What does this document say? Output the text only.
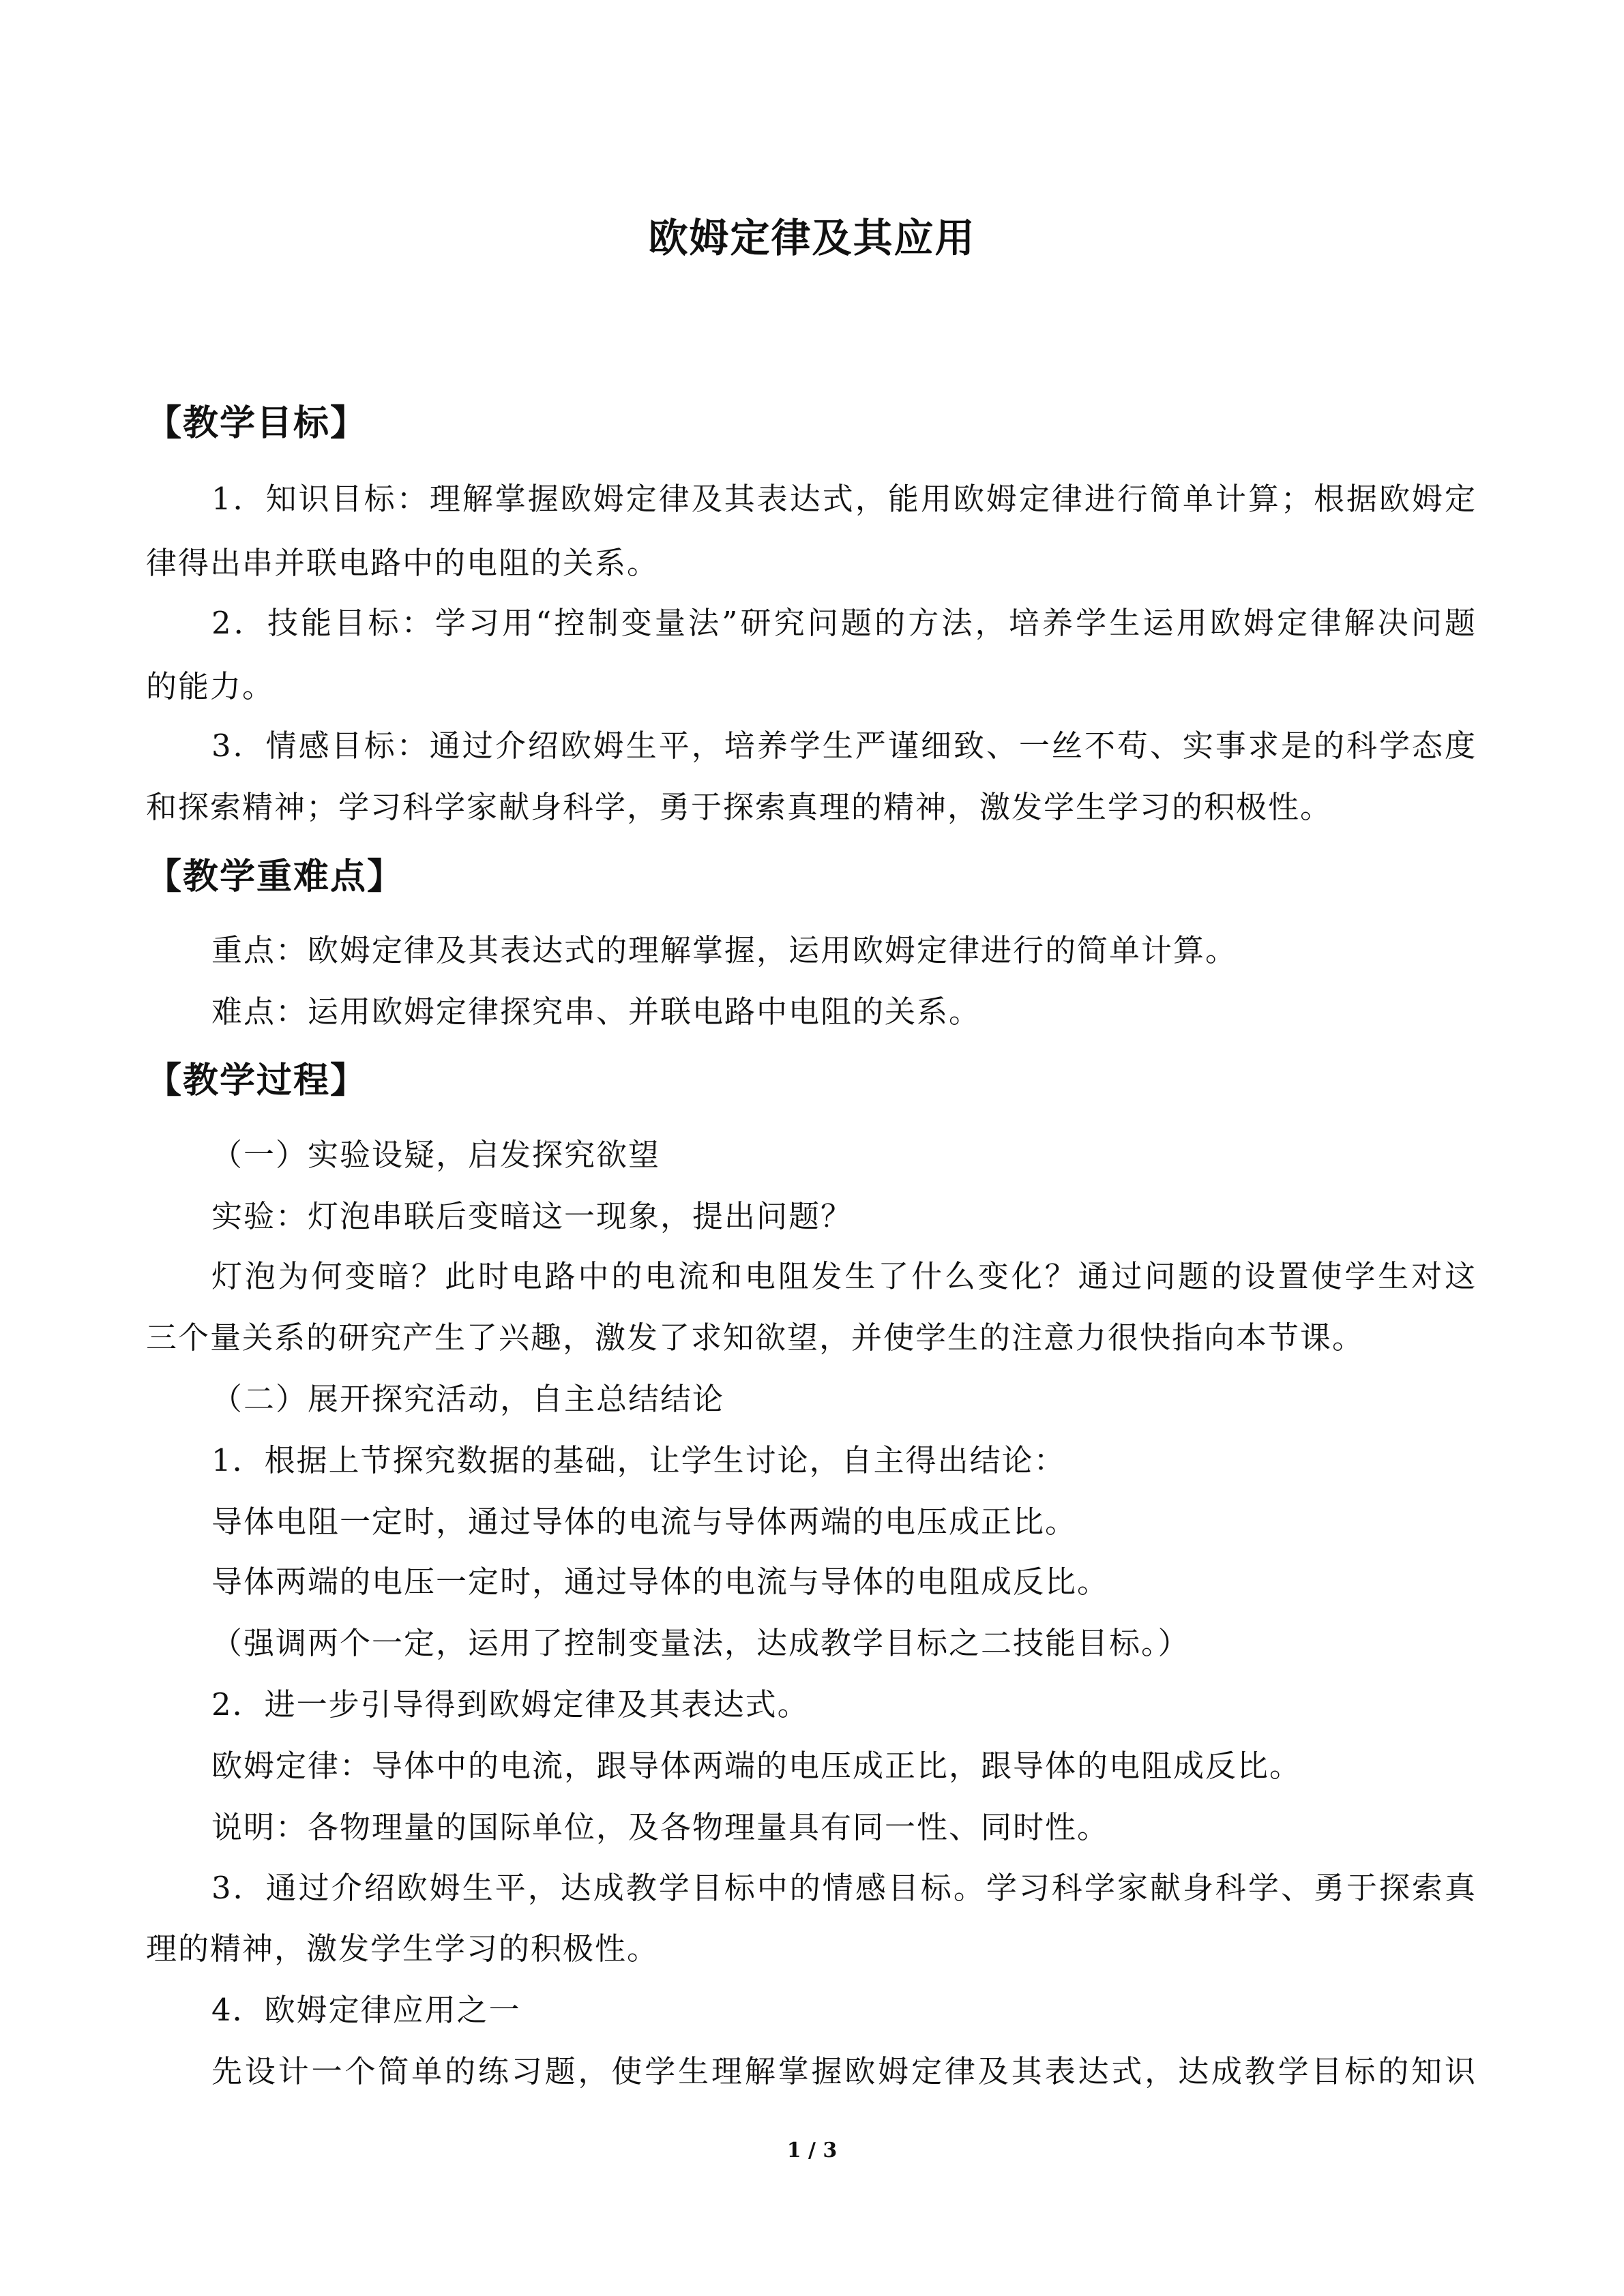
欧姆定律及其应用
【教学目标】
1．知识目标：理解掌握欧姆定律及其表达式，能用欧姆定律进行简单计算；根据欧姆定
律得出串并联电路中的电阻的关系。
2．技能目标：学习用“控制变量法”研究问题的方法，培养学生运用欧姆定律解决问题
的能力。
3．情感目标：通过介绍欧姆生平，培养学生严谨细致、一丝不苟、实事求是的科学态度
和探索精神；学习科学家献身科学，勇于探索真理的精神，激发学生学习的积极性。
【教学重难点】
重点：欧姆定律及其表达式的理解掌握，运用欧姆定律进行的简单计算。
难点：运用欧姆定律探究串、并联电路中电阻的关系。
【教学过程】
（一）实验设疑，启发探究欲望
实验：灯泡串联后变暗这一现象，提出问题？
灯泡为何变暗？此时电路中的电流和电阻发生了什么变化？通过问题的设置使学生对这
三个量关系的研究产生了兴趣，激发了求知欲望，并使学生的注意力很快指向本节课。
（二）展开探究活动，自主总结结论
1．根据上节探究数据的基础，让学生讨论，自主得出结论：
导体电阻一定时，通过导体的电流与导体两端的电压成正比。
导体两端的电压一定时，通过导体的电流与导体的电阻成反比。
（强调两个一定，运用了控制变量法，达成教学目标之二技能目标。）
2．进一步引导得到欧姆定律及其表达式。
欧姆定律：导体中的电流，跟导体两端的电压成正比，跟导体的电阻成反比。
说明：各物理量的国际单位，及各物理量具有同一性、同时性。
3．通过介绍欧姆生平，达成教学目标中的情感目标。学习科学家献身科学、勇于探索真
理的精神，激发学生学习的积极性。
4．欧姆定律应用之一
先设计一个简单的练习题，使学生理解掌握欧姆定律及其表达式，达成教学目标的知识
1 / 3
